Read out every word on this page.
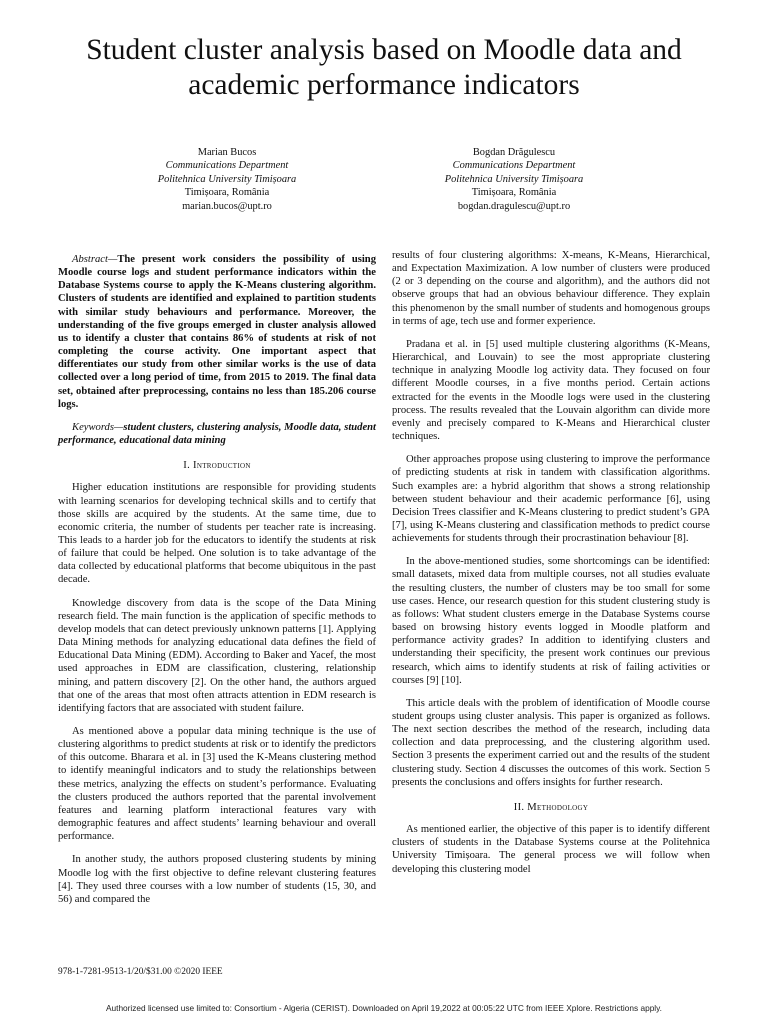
Student cluster analysis based on Moodle data and academic performance indicators
Marian Bucos
Communications Department
Politehnica University Timișoara
Timișoara, România
marian.bucos@upt.ro
Bogdan Drăgulescu
Communications Department
Politehnica University Timișoara
Timișoara, România
bogdan.dragulescu@upt.ro

Abstract—The present work considers the possibility of using Moodle course logs and student performance indicators within the Database Systems course to apply the K-Means clustering algorithm. Clusters of students are identified and explained to partition students with similar study behaviours and performance. Moreover, the understanding of the five groups emerged in cluster analysis allowed us to identify a cluster that contains 86% of students at risk of not completing the course activity. One important aspect that differentiates our study from other similar works is the use of data collected over a long period of time, from 2015 to 2019. The final data set, obtained after preprocessing, contains no less than 185.206 course logs.

Keywords—student clusters, clustering analysis, Moodle data, student performance, educational data mining

I. Introduction

Higher education institutions are responsible for providing students with learning scenarios for developing technical skills and to certify that those skills are acquired by the students. At the same time, due to economic criteria, the number of students per teacher rate is increasing. This leads to a harder job for the educators to identify the students at risk of failure that could be helped. One solution is to take advantage of the data collected by educational platforms that become ubiquitous in the past decade.

Knowledge discovery from data is the scope of the Data Mining research field. The main function is the application of specific methods to develop models that can detect previously unknown patterns [1]. Applying Data Mining methods for analyzing educational data defines the field of Educational Data Mining (EDM). According to Baker and Yacef, the most used approaches in EDM are classification, clustering, relationship mining, and pattern discovery [2]. On the other hand, the authors argued that one of the areas that most often attracts attention in EDM research is identifying factors that are associated with student failure.

As mentioned above a popular data mining technique is the use of clustering algorithms to predict students at risk or to identify the predictors of this outcome. Bharara et al. in [3] used the K-Means clustering method to identify meaningful indicators and to study the relationships between these metrics, analyzing the effects on student’s performance. Evaluating the clusters produced the authors reported that the parental involvement features and learning platform interactional features vary with demographic features and affect students’ learning behaviour and overall performance.

In another study, the authors proposed clustering students by mining Moodle log with the first objective to define relevant clustering features [4]. They used three courses with a low number of students (15, 30, and 56) and compared the

results of four clustering algorithms: X-means, K-Means, Hierarchical, and Expectation Maximization. A low number of clusters were produced (2 or 3 depending on the course and algorithm), and the authors did not observe groups that had an obvious behaviour difference. They explain this phenomenon by the small number of students and homogenous groups in terms of age, tech use and former experience.

Pradana et al. in [5] used multiple clustering algorithms (K-Means, Hierarchical, and Louvain) to see the most appropriate clustering technique in analyzing Moodle log activity data. They focused on four different Moodle courses, in a five months period. Certain actions extracted for the events in the Moodle logs were used in the clustering process. The results revealed that the Louvain algorithm can divide more evenly and precisely compared to K-Means and Hierarchical cluster techniques.

Other approaches propose using clustering to improve the performance of predicting students at risk in tandem with classification algorithms. Such examples are: a hybrid algorithm that shows a strong relationship between student behaviour and their academic performance [6], using Decision Trees classifier and K-Means clustering to predict student’s GPA [7], using K-Means clustering and classification methods to predict course achievements for students through their procrastination behaviour [8].

In the above-mentioned studies, some shortcomings can be identified: small datasets, mixed data from multiple courses, not all studies evaluate the resulting clusters, the number of clusters may be too small for some use cases. Hence, our research question for this student clustering study is as follows: What student clusters emerge in the Database Systems course based on browsing history events logged in Moodle platform and performance activity grades? In addition to identifying clusters and understanding their specificity, the present work continues our previous research, which aims to identify students at risk of failing activities or courses [9] [10].

This article deals with the problem of identification of Moodle course student groups using cluster analysis. This paper is organized as follows. The next section describes the method of the research, including data collection and data preprocessing, and the clustering algorithm used. Section 3 presents the experiment carried out and the results of the student clustering study. Section 4 discusses the outcomes of this work. Section 5 presents the conclusions and offers insights for further research.

II. Methodology

As mentioned earlier, the objective of this paper is to identify different clusters of students in the Database Systems course at the Politehnica University Timișoara. The general process we will follow when developing this clustering model

978-1-7281-9513-1/20/$31.00 ©2020 IEEE
Authorized licensed use limited to: Consortium - Algeria (CERIST). Downloaded on April 19,2022 at 00:05:22 UTC from IEEE Xplore. Restrictions apply.
